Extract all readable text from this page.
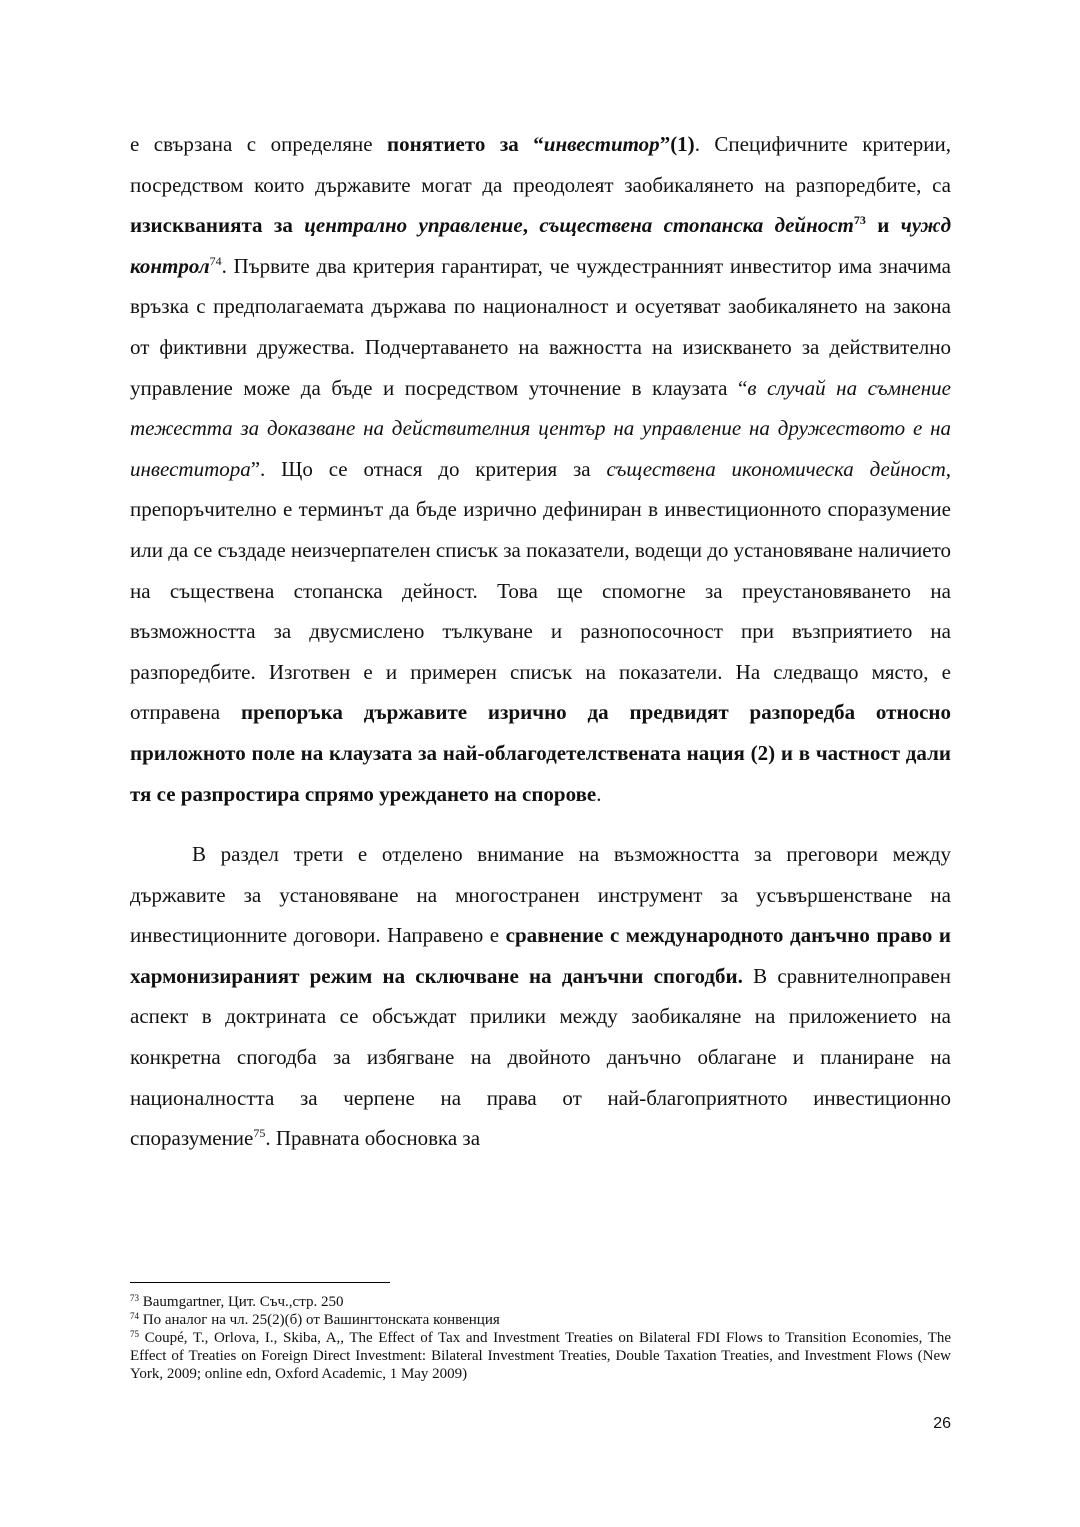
е свързана с определяне понятието за “инвеститор”(1). Специфичните критерии, посредством които държавите могат да преодолеят заобикалянето на разпоредбите, са изискванията за централно управление, съществена стопанска дейност$^{73}$ и чужд контрол$^{74}$. Първите два критерия гарантират, че чуждестранният инвеститор има значима връзка с предполагаемата държава по националност и осуетяват заобикалянето на закона от фиктивни дружества. Подчертаването на важността на изискването за действително управление може да бъде и посредством уточнение в клаузата “в случай на съмнение тежестта за доказване на действителния център на управление на дружеството е на инвеститора”. Що се отнася до критерия за съществена икономическа дейност, препоръчително е терминът да бъде изрично дефиниран в инвестиционното споразумение или да се създаде неизчерпателен списък за показатели, водещи до установяване наличието на съществена стопанска дейност. Това ще спомогне за преустановяването на възможността за двусмислено тълкуване и разнопосочност при възприятието на разпоредбите. Изготвен е и примерен списък на показатели. На следващо място, е отправена препоръка държавите изрично да предвидят разпоредба относно приложното поле на клаузата за най-облагодетелствената нация (2) и в частност дали тя се разпростира спрямо уреждането на спорове.

В раздел трети е отделено внимание на възможността за преговори между държавите за установяване на многостранен инструмент за усъвършенстване на инвестиционните договори. Направено е сравнение с международното данъчно право и хармонизираният режим на сключване на данъчни спогодби. В сравнителноправен аспект в доктрината се обсъждат прилики между заобикаляне на приложението на конкретна спогодба за избягване на двойното данъчно облагане и планиране на националността за черпене на права от най-благоприятното инвестиционно споразумение$^{75}$. Правната обосновка за

$^{73}$ Baumgartner, Цит. Съч.,стр. 250

$^{74}$ По аналог на чл. 25(2)(б) от Вашингтонската конвенция

$^{75}$ Coupé, T., Orlova, I., Skiba, A,, The Effect of Tax and Investment Treaties on Bilateral FDI Flows to Transition Economies, The Effect of Treaties on Foreign Direct Investment: Bilateral Investment Treaties, Double Taxation Treaties, and Investment Flows (New York, 2009; online edn, Oxford Academic, 1 May 2009)

26
